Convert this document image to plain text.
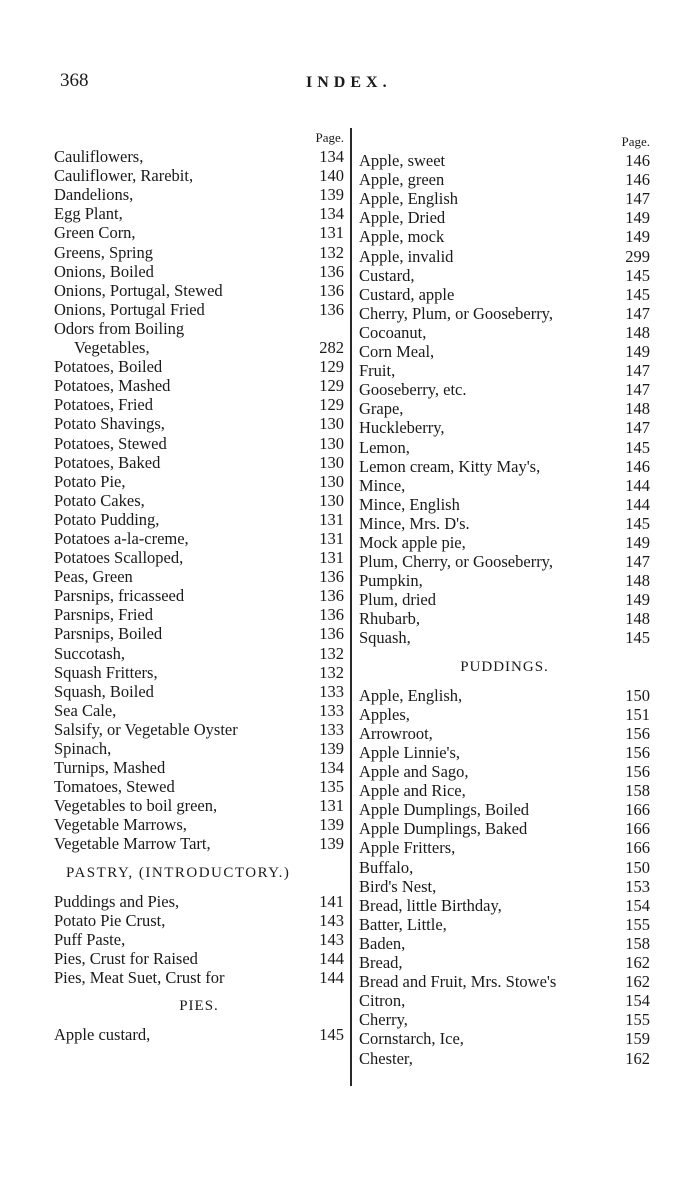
368	INDEX.
Page.
Cauliflowers,	134
Cauliflower, Rarebit,	140
Dandelions,	139
Egg Plant,	134
Green Corn,	131
Greens, Spring	132
Onions, Boiled	136
Onions, Portugal, Stewed	136
Onions, Portugal Fried	136
Odors from Boiling
Vegetables,	282
Potatoes, Boiled	129
Potatoes, Mashed	129
Potatoes, Fried	129
Potato Shavings,	130
Potatoes, Stewed	130
Potatoes, Baked	130
Potato Pie,	130
Potato Cakes,	130
Potato Pudding,	131
Potatoes a-la-creme,	131
Potatoes Scalloped,	131
Peas, Green	136
Parsnips, fricasseed	136
Parsnips, Fried	136
Parsnips, Boiled	136
Succotash,	132
Squash Fritters,	132
Squash, Boiled	133
Sea Cale,	133
Salsify, or Vegetable Oyster	133
Spinach,	139
Turnips, Mashed	134
Tomatoes, Stewed	135
Vegetables to boil green,	131
Vegetable Marrows,	139
Vegetable Marrow Tart,	139
PASTRY, (INTRODUCTORY.)
Puddings and Pies,	141
Potato Pie Crust,	143
Puff Paste,	143
Pies, Crust for Raised	144
Pies, Meat Suet, Crust for	144
PIES.
Apple custard,	145
Page.
Apple, sweet	146
Apple, green	146
Apple, English	147
Apple, Dried	149
Apple, mock	149
Apple, invalid	299
Custard,	145
Custard, apple	145
Cherry, Plum, or Gooseberry,	147
Cocoanut,	148
Corn Meal,	149
Fruit,	147
Gooseberry, etc.	147
Grape,	148
Huckleberry,	147
Lemon,	145
Lemon cream, Kitty May's,	146
Mince,	144
Mince, English	144
Mince, Mrs. D's.	145
Mock apple pie,	149
Plum, Cherry, or Gooseberry,	147
Pumpkin,	148
Plum, dried	149
Rhubarb,	148
Squash,	145
PUDDINGS.
Apple, English,	150
Apples,	151
Arrowroot,	156
Apple Linnie's,	156
Apple and Sago,	156
Apple and Rice,	158
Apple Dumplings, Boiled	166
Apple Dumplings, Baked	166
Apple Fritters,	166
Buffalo,	150
Bird's Nest,	153
Bread, little Birthday,	154
Batter, Little,	155
Baden,	158
Bread,	162
Bread and Fruit, Mrs. Stowe's	162
Citron,	154
Cherry,	155
Cornstarch, Ice,	159
Chester,	162
